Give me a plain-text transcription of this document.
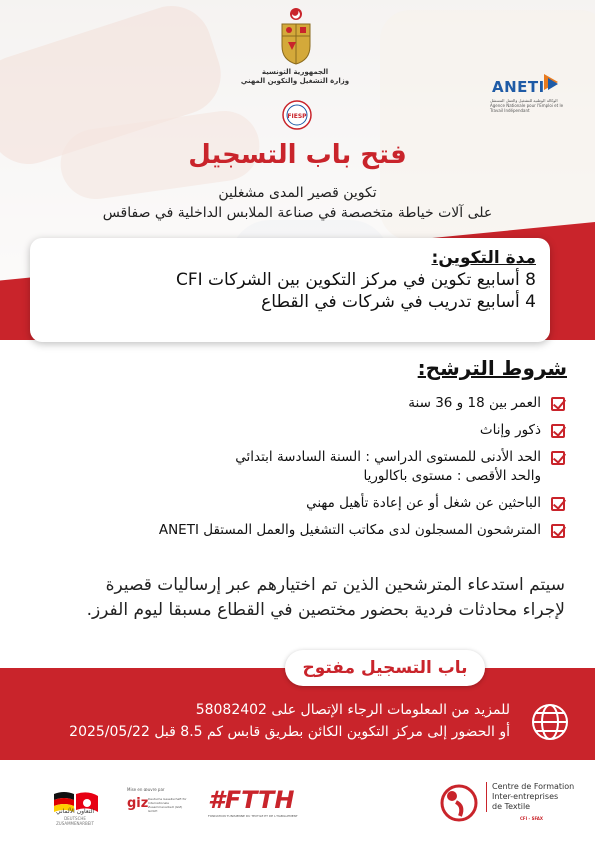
الجمهورية التونسية
وزارة التشغيل والتكوين المهني	ANETI
الوكالة الوطنية للتشغيل والعمل المستقل Agence Nationale pour l'Emploi et le Travail Indépendant
FIESP
فتح باب التسجيل
تكوين قصير المدى مشغلين
على آلات خياطة متخصصة في صناعة الملابس الداخلية في صفاقس
مدة التكوين:
8 أسابيع تكوين في مركز التكوين بين الشركات CFI
4 أسابيع تدريب في شركات في القطاع
شروط الترشح:
العمر بين 18 و 36 سنة
ذكور وإناث
الحد الأدنى للمستوى الدراسي : السنة السادسة ابتدائي
والحد الأقصى : مستوى باكالوريا
الباحثين عن شغل أو عن إعادة تأهيل مهني
المترشحون المسجلون لدى مكاتب التشغيل والعمل المستقل ANETI
سيتم استدعاء المترشحين الذين تم اختيارهم عبر إرساليات قصيرة
لإجراء محادثات فردية بحضور مختصين في القطاع مسبقا ليوم الفرز.
باب التسجيل مفتوح
للمزيد من المعلومات الرجاء الإتصال على 58082402
أو الحضور إلى مركز التكوين الكائن بطريق قابس كم 8.5 قبل 2025/05/22
التعاون الألماني
DEUTSCHE ZUSAMMENARBEIT
Mise en œuvre par
giz Deutsche Gesellschaft für Internationale Zusammenarbeit (GIZ) GmbH	#FTTH
FONDATION TUNISIENNE DU TEXTILE ET DE L'HABILLEMENT
Centre de Formation
Inter-entreprises
de Textile
CFI - SFAX
